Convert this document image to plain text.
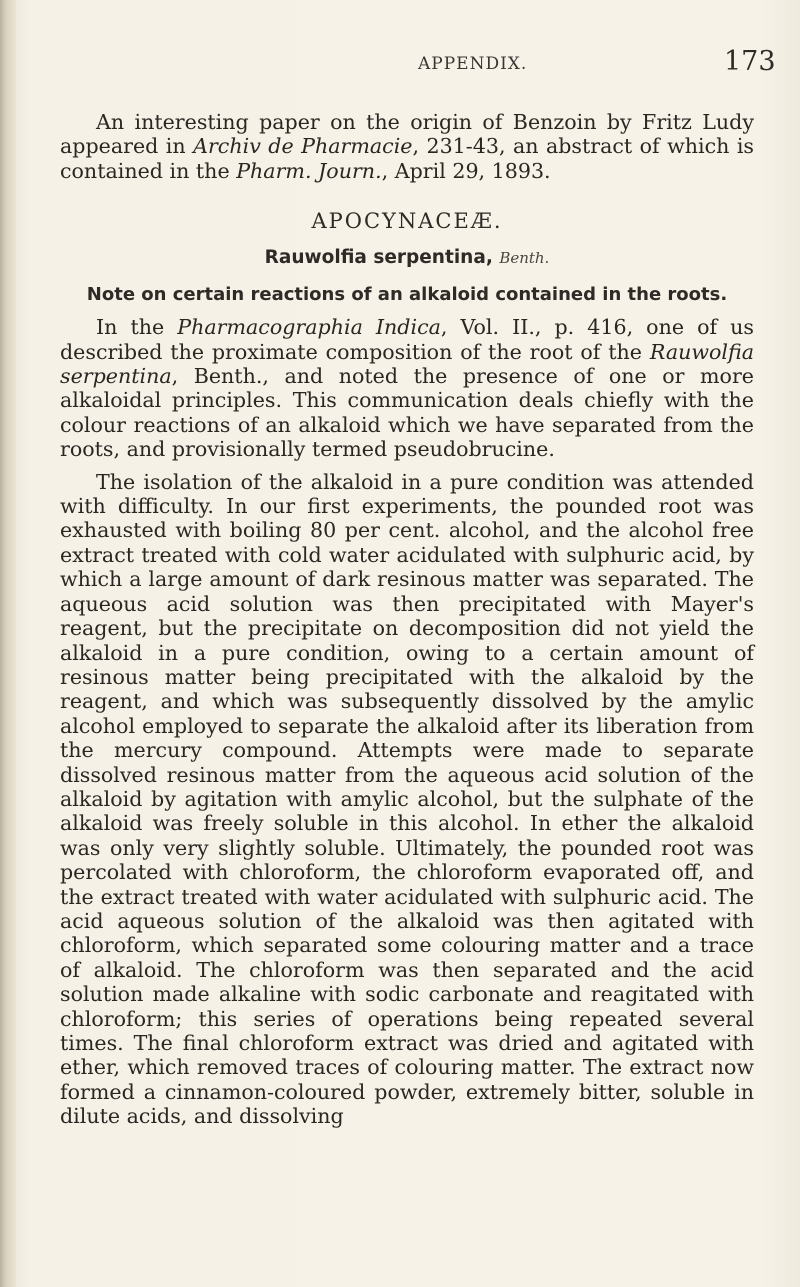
APPENDIX.	173

An interesting paper on the origin of Benzoin by Fritz Ludy appeared in Archiv de Pharmacie, 231-43, an abstract of which is contained in the Pharm. Journ., April 29, 1893.

APOCYNACEÆ.
Rauwolfia serpentina, Benth.
Note on certain reactions of an alkaloid contained in the roots.

In the Pharmacographia Indica, Vol. II., p. 416, one of us described the proximate composition of the root of the Rauwolfia serpentina, Benth., and noted the presence of one or more alkaloidal principles. This communication deals chiefly with the colour reactions of an alkaloid which we have separated from the roots, and provisionally termed pseudobrucine.

The isolation of the alkaloid in a pure condition was attended with difficulty. In our first experiments, the pounded root was exhausted with boiling 80 per cent. alcohol, and the alcohol free extract treated with cold water acidulated with sulphuric acid, by which a large amount of dark resinous matter was separated. The aqueous acid solution was then precipitated with Mayer's reagent, but the precipitate on decomposition did not yield the alkaloid in a pure condition, owing to a certain amount of resinous matter being precipitated with the alkaloid by the reagent, and which was subsequently dissolved by the amylic alcohol employed to separate the alkaloid after its liberation from the mercury compound. Attempts were made to separate dissolved resinous matter from the aqueous acid solution of the alkaloid by agitation with amylic alcohol, but the sulphate of the alkaloid was freely soluble in this alcohol. In ether the alkaloid was only very slightly soluble. Ultimately, the pounded root was percolated with chloroform, the chloroform evaporated off, and the extract treated with water acidulated with sulphuric acid. The acid aqueous solution of the alkaloid was then agitated with chloroform, which separated some colouring matter and a trace of alkaloid. The chloroform was then separated and the acid solution made alkaline with sodic carbonate and reagitated with chloroform; this series of operations being repeated several times. The final chloroform extract was dried and agitated with ether, which removed traces of colouring matter. The extract now formed a cinnamon-coloured powder, extremely bitter, soluble in dilute acids, and dissolving
